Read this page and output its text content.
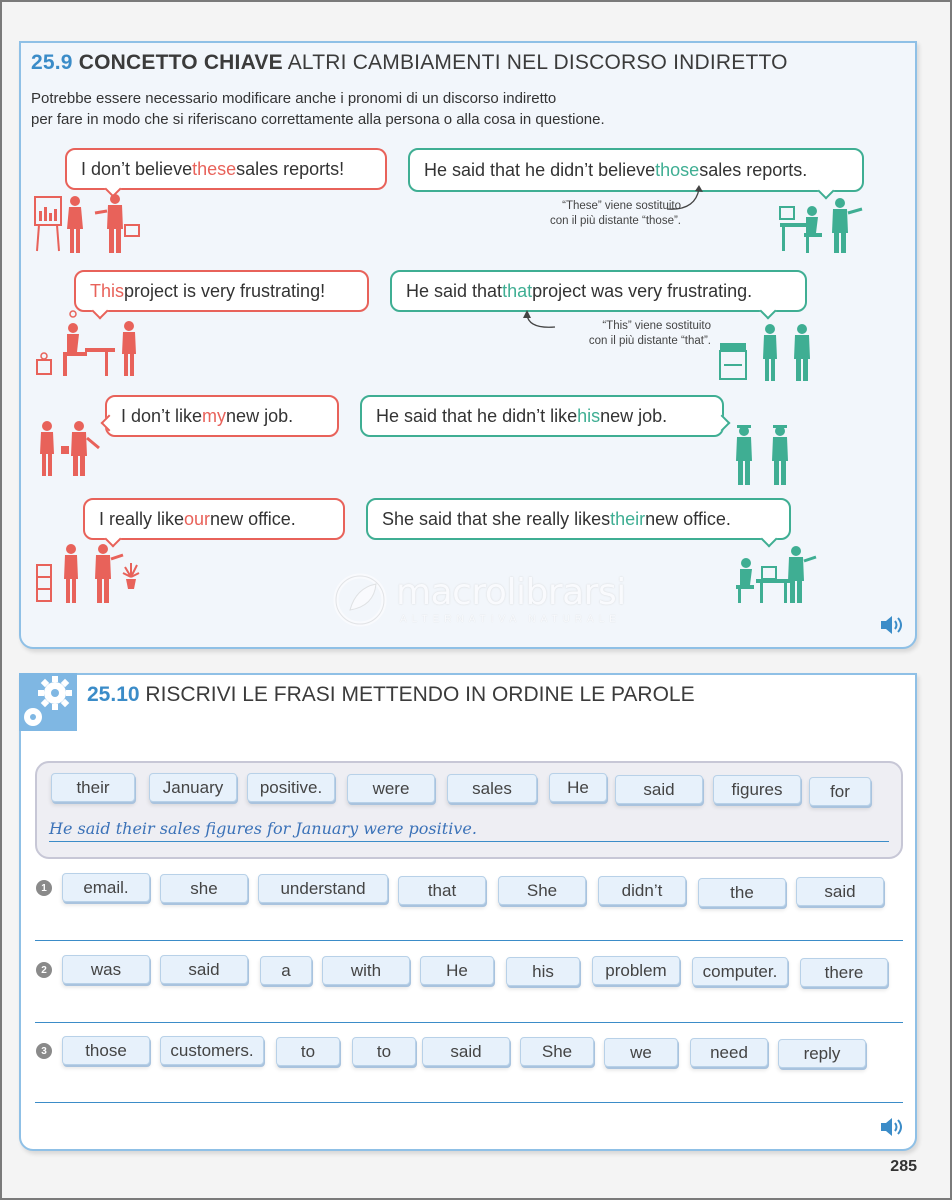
25.9 CONCETTO CHIAVE ALTRI CAMBIAMENTI NEL DISCORSO INDIRETTO
Potrebbe essere necessario modificare anche i pronomi di un discorso indiretto
per fare in modo che si riferiscano correttamente alla persona o alla cosa in questione.
I don’t believe these sales reports!	He said that he didn’t believe those sales reports.
“These” viene sostituito
con il più distante “those”.
This project is very frustrating!	He said that that project was very frustrating.
“This” viene sostituito
con il più distante “that”.
I don’t like my new job.	He said that he didn’t like his new job.
I really like our new office.	She said that she really likes their new office.
macrolibrarsi
ALTERNATIVA NATURALE
25.10 RISCRIVI LE FRASI METTENDO IN ORDINE LE PAROLE
their	January	positive.	were	sales	He	said	figures	for
He said their sales figures for January were positive.
1	email.	she	understand	that	She	didn’t	the	said
2	was	said	a	with	He	his	problem	computer.	there
3	those	customers.	to	to	said	She	we	need	reply
285
